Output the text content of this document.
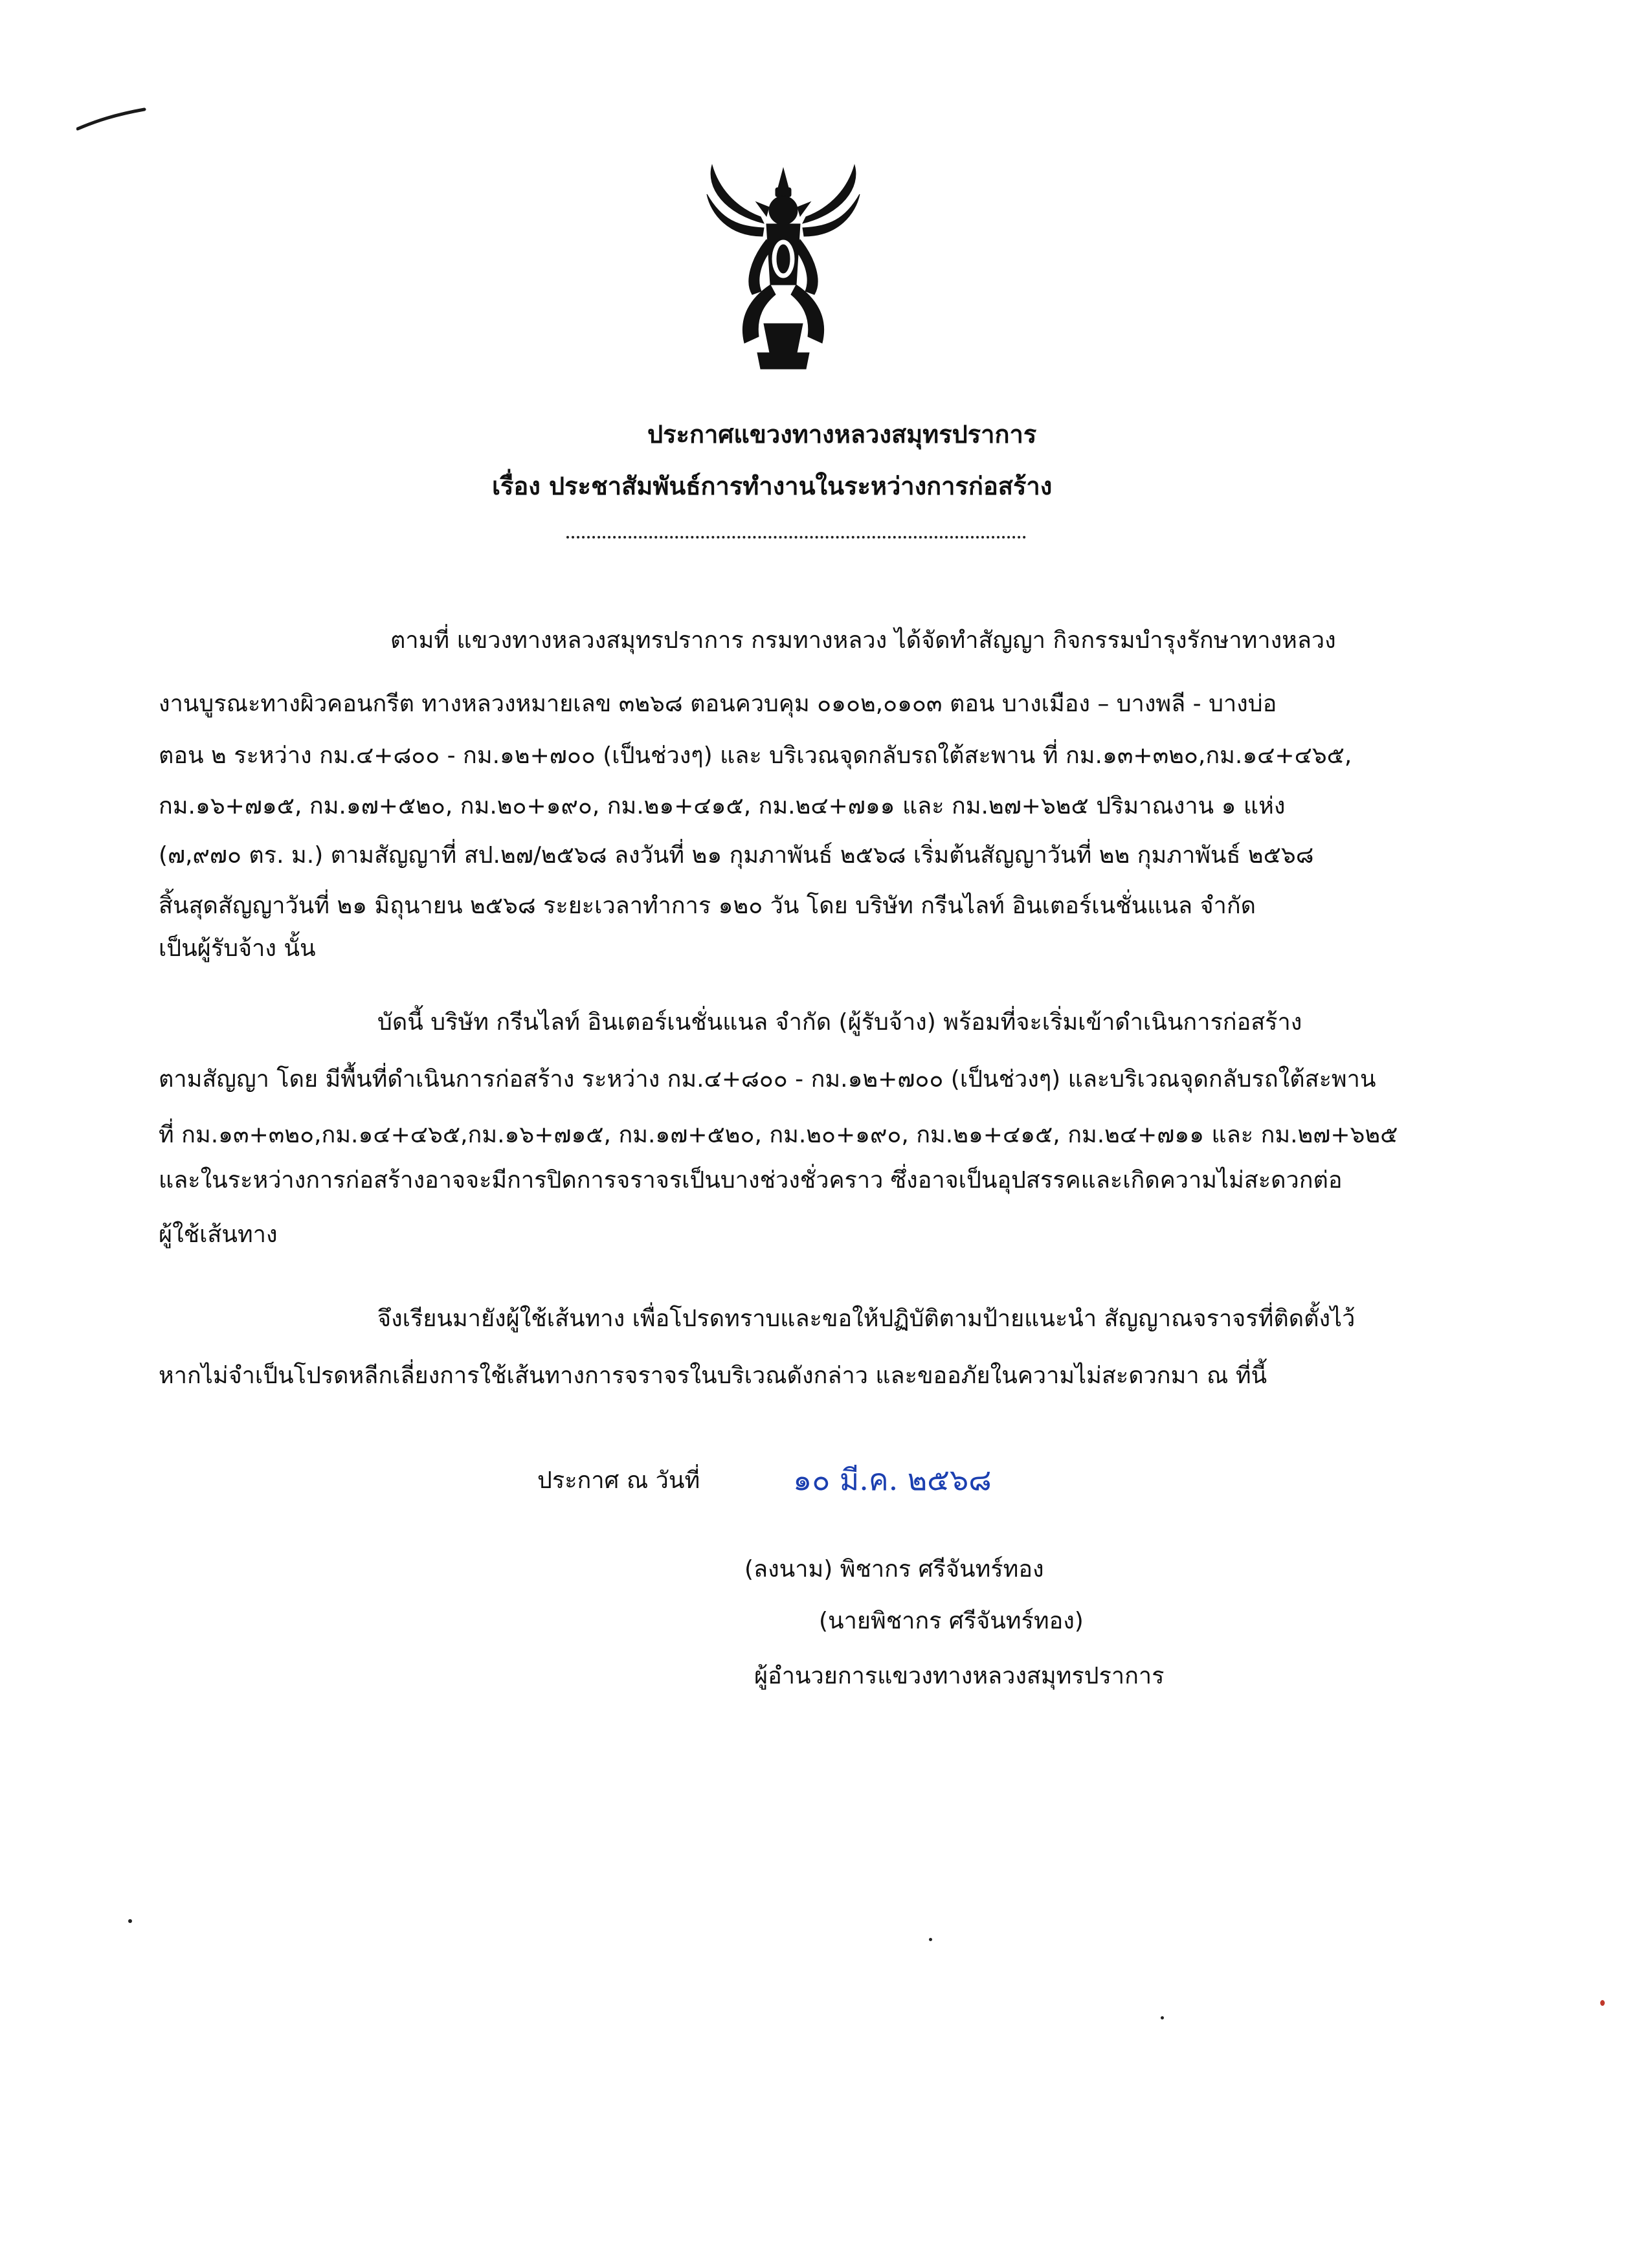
ประกาศแขวงทางหลวงสมุทรปราการ
เรื่อง ประชาสัมพันธ์การทำงานในระหว่างการก่อสร้าง
ตามที่ แขวงทางหลวงสมุทรปราการ กรมทางหลวง ได้จัดทำสัญญา กิจกรรมบำรุงรักษาทางหลวง
งานบูรณะทางผิวคอนกรีต ทางหลวงหมายเลข ๓๒๖๘ ตอนควบคุม ๐๑๐๒,๐๑๐๓ ตอน บางเมือง – บางพลี - บางบ่อ
ตอน ๒ ระหว่าง กม.๔+๘๐๐ - กม.๑๒+๗๐๐ (เป็นช่วงๆ) และ บริเวณจุดกลับรถใต้สะพาน ที่ กม.๑๓+๓๒๐,กม.๑๔+๔๖๕,
กม.๑๖+๗๑๕, กม.๑๗+๕๒๐, กม.๒๐+๑๙๐, กม.๒๑+๔๑๕, กม.๒๔+๗๑๑ และ กม.๒๗+๖๒๕ ปริมาณงาน ๑ แห่ง
(๗,๙๗๐ ตร. ม.) ตามสัญญาที่ สป.๒๗/๒๕๖๘ ลงวันที่ ๒๑ กุมภาพันธ์ ๒๕๖๘ เริ่มต้นสัญญาวันที่ ๒๒ กุมภาพันธ์ ๒๕๖๘
สิ้นสุดสัญญาวันที่ ๒๑ มิถุนายน ๒๕๖๘ ระยะเวลาทำการ ๑๒๐ วัน โดย บริษัท กรีนไลท์ อินเตอร์เนชั่นแนล จำกัด
เป็นผู้รับจ้าง นั้น
บัดนี้ บริษัท กรีนไลท์ อินเตอร์เนชั่นแนล จำกัด (ผู้รับจ้าง) พร้อมที่จะเริ่มเข้าดำเนินการก่อสร้าง
ตามสัญญา โดย มีพื้นที่ดำเนินการก่อสร้าง ระหว่าง กม.๔+๘๐๐ - กม.๑๒+๗๐๐ (เป็นช่วงๆ) และบริเวณจุดกลับรถใต้สะพาน
ที่ กม.๑๓+๓๒๐,กม.๑๔+๔๖๕,กม.๑๖+๗๑๕, กม.๑๗+๕๒๐, กม.๒๐+๑๙๐, กม.๒๑+๔๑๕, กม.๒๔+๗๑๑ และ กม.๒๗+๖๒๕
และในระหว่างการก่อสร้างอาจจะมีการปิดการจราจรเป็นบางช่วงชั่วคราว ซึ่งอาจเป็นอุปสรรคและเกิดความไม่สะดวกต่อ
ผู้ใช้เส้นทาง
จึงเรียนมายังผู้ใช้เส้นทาง เพื่อโปรดทราบและขอให้ปฏิบัติตามป้ายแนะนำ สัญญาณจราจรที่ติดตั้งไว้
หากไม่จำเป็นโปรดหลีกเลี่ยงการใช้เส้นทางการจราจรในบริเวณดังกล่าว และขออภัยในความไม่สะดวกมา ณ ที่นี้
ประกาศ ณ วันที่	๑๐ มี.ค. ๒๕๖๘
(ลงนาม) พิชากร ศรีจันทร์ทอง
(นายพิชากร ศรีจันทร์ทอง)
ผู้อำนวยการแขวงทางหลวงสมุทรปราการ
